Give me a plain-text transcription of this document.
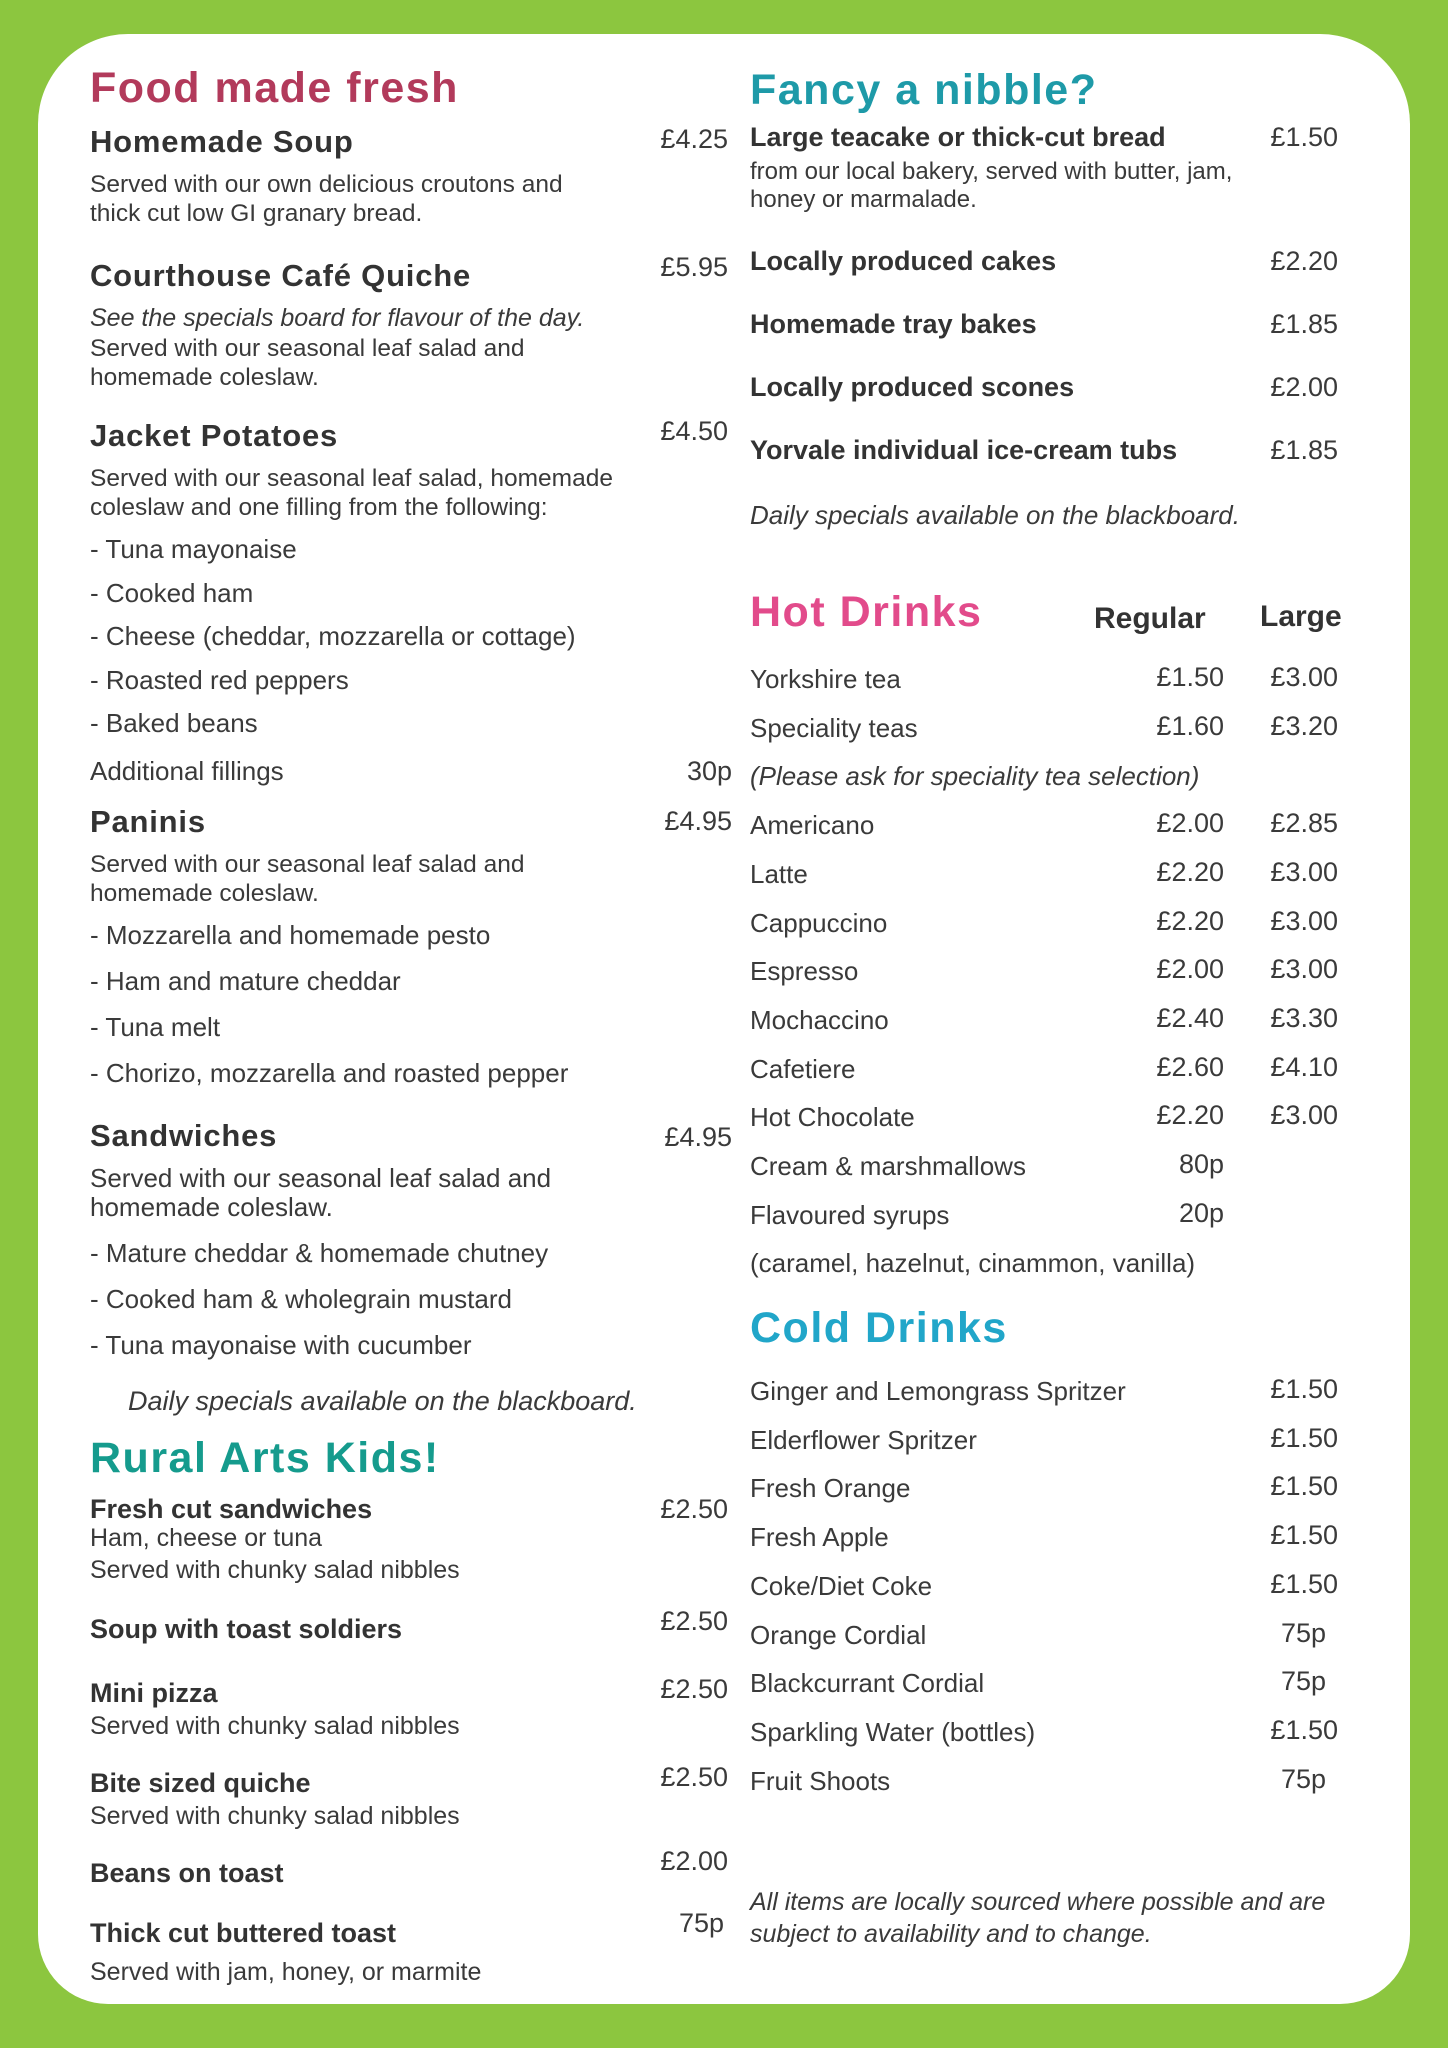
Food made fresh
Homemade Soup	£4.25
Served with our own delicious croutons and thick cut low GI granary bread.
Courthouse Café Quiche	£5.95
See the specials board for flavour of the day.
Served with our seasonal leaf salad and homemade coleslaw.
Jacket Potatoes	£4.50
Served with our seasonal leaf salad, homemade coleslaw and one filling from the following:
- Tuna mayonaise
- Cooked ham
- Cheese (cheddar, mozzarella or cottage)
- Roasted red peppers
- Baked beans
Additional fillings	30p
Paninis	£4.95
Served with our seasonal leaf salad and homemade coleslaw.
- Mozzarella and homemade pesto
- Ham and mature cheddar
- Tuna melt
- Chorizo, mozzarella and roasted pepper
Sandwiches	£4.95
Served with our seasonal leaf salad and homemade coleslaw.
- Mature cheddar & homemade chutney
- Cooked ham & wholegrain mustard
- Tuna mayonaise with cucumber
Daily specials available on the blackboard.
Rural Arts Kids!
Fresh cut sandwiches	£2.50
Ham, cheese or tuna
Served with chunky salad nibbles
Soup with toast soldiers	£2.50
Mini pizza	£2.50
Served with chunky salad nibbles
Bite sized quiche	£2.50
Served with chunky salad nibbles
Beans on toast	£2.00
Thick cut buttered toast	75p
Served with jam, honey, or marmite
Fancy a nibble?
Large teacake or thick-cut bread	£1.50
from our local bakery, served with butter, jam, honey or marmalade.
Locally produced cakes	£2.20
Homemade tray bakes	£1.85
Locally produced scones	£2.00
Yorvale individual ice-cream tubs	£1.85
Daily specials available on the blackboard.
Hot Drinks	Regular Large
Yorkshire tea	£1.50	£3.00
Speciality teas	£1.60	£3.20
(Please ask for speciality tea selection)
Americano	£2.00	£2.85
Latte	£2.20	£3.00
Cappuccino	£2.20	£3.00
Espresso	£2.00	£3.00
Mochaccino	£2.40	£3.30
Cafetiere	£2.60	£4.10
Hot Chocolate	£2.20	£3.00
Cream & marshmallows	80p
Flavoured syrups	20p
(caramel, hazelnut, cinammon, vanilla)
Cold Drinks
Ginger and Lemongrass Spritzer	£1.50
Elderflower Spritzer	£1.50
Fresh Orange	£1.50
Fresh Apple	£1.50
Coke/Diet Coke	£1.50
Orange Cordial	75p
Blackcurrant Cordial	75p
Sparkling Water (bottles)	£1.50
Fruit Shoots	75p
All items are locally sourced where possible and are subject to availability and to change.
